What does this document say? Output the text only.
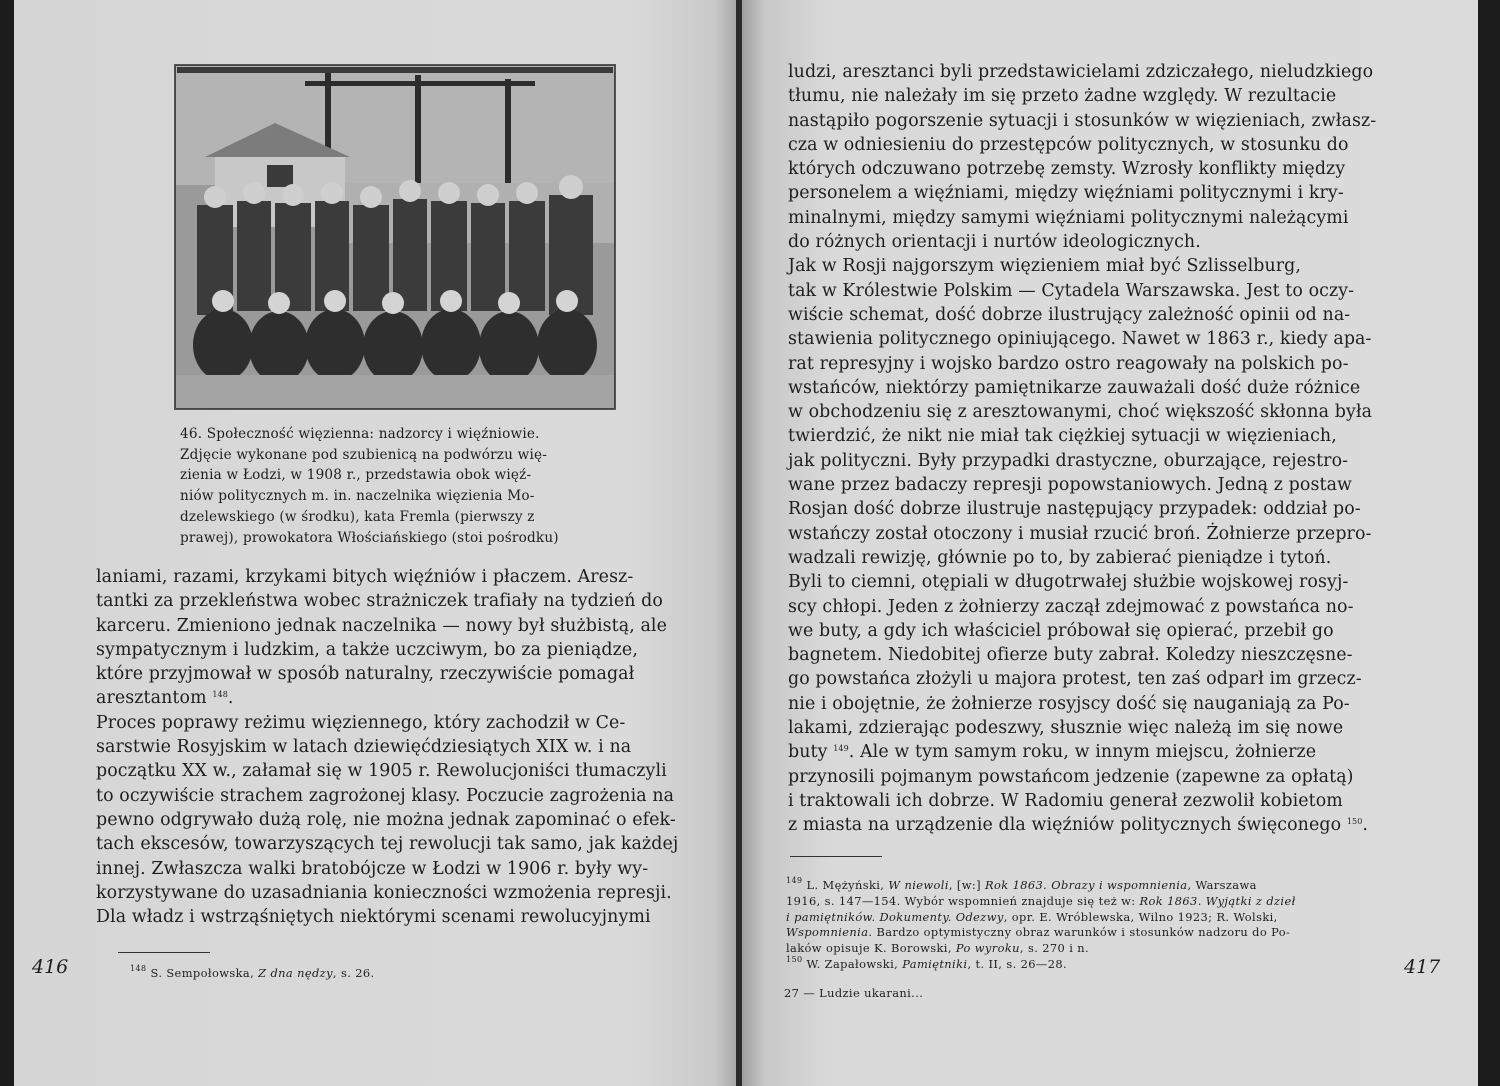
46. Społeczność więzienna: nadzorcy i więźniowie.
Zdjęcie wykonane pod szubienicą na podwórzu wię-
zienia w Łodzi, w 1908 r., przedstawia obok więź-
niów politycznych m. in. naczelnika więzienia Mo-
dzelewskiego (w środku), kata Fremla (pierwszy z
prawej), prowokatora Włościańskiego (stoi pośrodku)
laniami, razami, krzykami bitych więźniów i płaczem. Aresz-
tantki za przekleństwa wobec strażniczek trafiały na tydzień do
karceru. Zmieniono jednak naczelnika — nowy był służbistą, ale
sympatycznym i ludzkim, a także uczciwym, bo za pieniądze,
które przyjmował w sposób naturalny, rzeczywiście pomagał
aresztantom $^{148}$.
Proces poprawy reżimu więziennego, który zachodził w Ce-
sarstwie Rosyjskim w latach dziewięćdziesiątych XIX w. i na
początku XX w., załamał się w 1905 r. Rewolucjoniści tłumaczyli
to oczywiście strachem zagrożonej klasy. Poczucie zagrożenia na
pewno odgrywało dużą rolę, nie można jednak zapominać o efek-
tach ekscesów, towarzyszących tej rewolucji tak samo, jak każdej
innej. Zwłaszcza walki bratobójcze w Łodzi w 1906 r. były wy-
korzystywane do uzasadniania konieczności wzmożenia represji.
Dla władz i wstrząśniętych niektórymi scenami rewolucyjnymi
416	$^{148}$ S. Sempołowska, Z dna nędzy, s. 26.
ludzi, aresztanci byli przedstawicielami zdziczałego, nieludzkiego
tłumu, nie należały im się przeto żadne względy. W rezultacie
nastąpiło pogorszenie sytuacji i stosunków w więzieniach, zwłasz-
cza w odniesieniu do przestępców politycznych, w stosunku do
których odczuwano potrzebę zemsty. Wzrosły konflikty między
personelem a więźniami, między więźniami politycznymi i kry-
minalnymi, między samymi więźniami politycznymi należącymi
do różnych orientacji i nurtów ideologicznych.
Jak w Rosji najgorszym więzieniem miał być Szlisselburg,
tak w Królestwie Polskim — Cytadela Warszawska. Jest to oczy-
wiście schemat, dość dobrze ilustrujący zależność opinii od na-
stawienia politycznego opiniującego. Nawet w 1863 r., kiedy apa-
rat represyjny i wojsko bardzo ostro reagowały na polskich po-
wstańców, niektórzy pamiętnikarze zauważali dość duże różnice
w obchodzeniu się z aresztowanymi, choć większość skłonna była
twierdzić, że nikt nie miał tak ciężkiej sytuacji w więzieniach,
jak polityczni. Były przypadki drastyczne, oburzające, rejestro-
wane przez badaczy represji popowstaniowych. Jedną z postaw
Rosjan dość dobrze ilustruje następujący przypadek: oddział po-
wstańczy został otoczony i musiał rzucić broń. Żołnierze przepro-
wadzali rewizję, głównie po to, by zabierać pieniądze i tytoń.
Byli to ciemni, otępiali w długotrwałej służbie wojskowej rosyj-
scy chłopi. Jeden z żołnierzy zaczął zdejmować z powstańca no-
we buty, a gdy ich właściciel próbował się opierać, przebił go
bagnetem. Niedobitej ofierze buty zabrał. Koledzy nieszczęsne-
go powstańca złożyli u majora protest, ten zaś odparł im grzecz-
nie i obojętnie, że żołnierze rosyjscy dość się nauganiają za Po-
lakami, zdzierając podeszwy, słusznie więc należą im się nowe
buty $^{149}$. Ale w tym samym roku, w innym miejscu, żołnierze
przynosili pojmanym powstańcom jedzenie (zapewne za opłatą)
i traktowali ich dobrze. W Radomiu generał zezwolił kobietom
z miasta na urządzenie dla więźniów politycznych święconego $^{150}$.
$^{149}$ L. Mężyński, W niewoli, [w:] Rok 1863. Obrazy i wspomnienia, Warszawa
1916, s. 147—154. Wybór wspomnień znajduje się też w: Rok 1863. Wyjątki z dzieł
i pamiętników. Dokumenty. Odezwy, opr. E. Wróblewska, Wilno 1923; R. Wolski,
Wspomnienia. Bardzo optymistyczny obraz warunków i stosunków nadzoru do Po-
laków opisuje K. Borowski, Po wyroku, s. 270 i n.
$^{150}$ W. Zapałowski, Pamiętniki, t. II, s. 26—28.
27 — Ludzie ukarani...
417
